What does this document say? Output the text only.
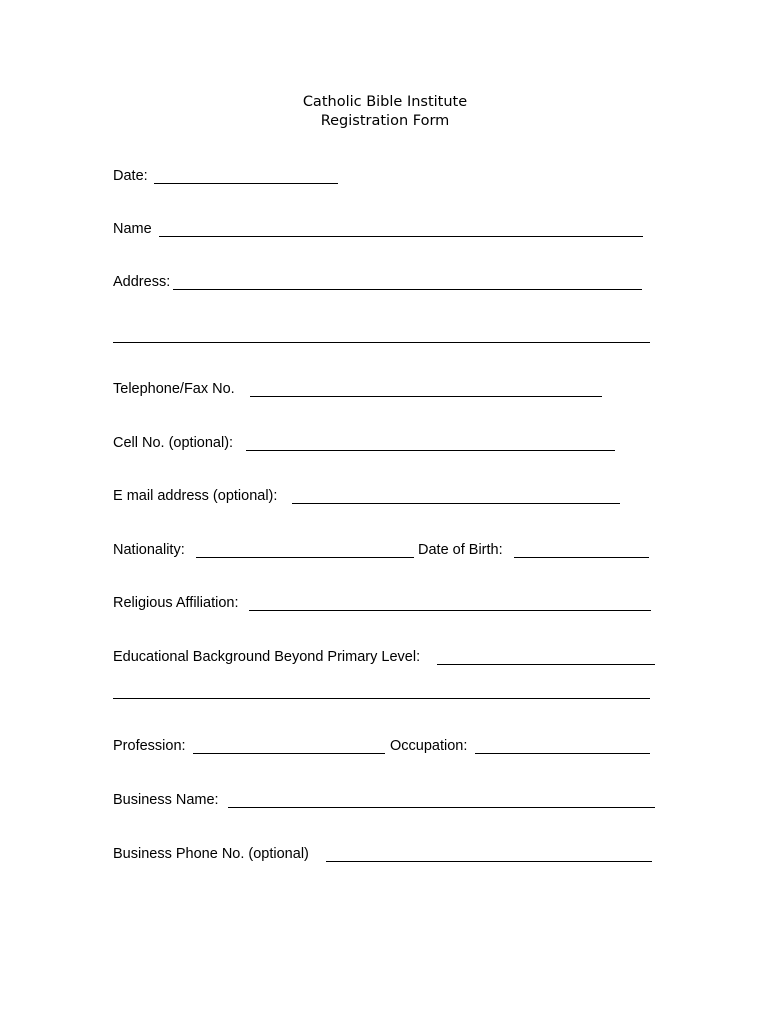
Catholic Bible Institute
Registration Form
Date:
Name
Address:
Telephone/Fax No.
Cell No. (optional):
E mail address (optional):
Nationality:	Date of Birth:
Religious Affiliation:
Educational Background Beyond Primary Level:
Profession:	Occupation:
Business Name:
Business Phone No. (optional)
